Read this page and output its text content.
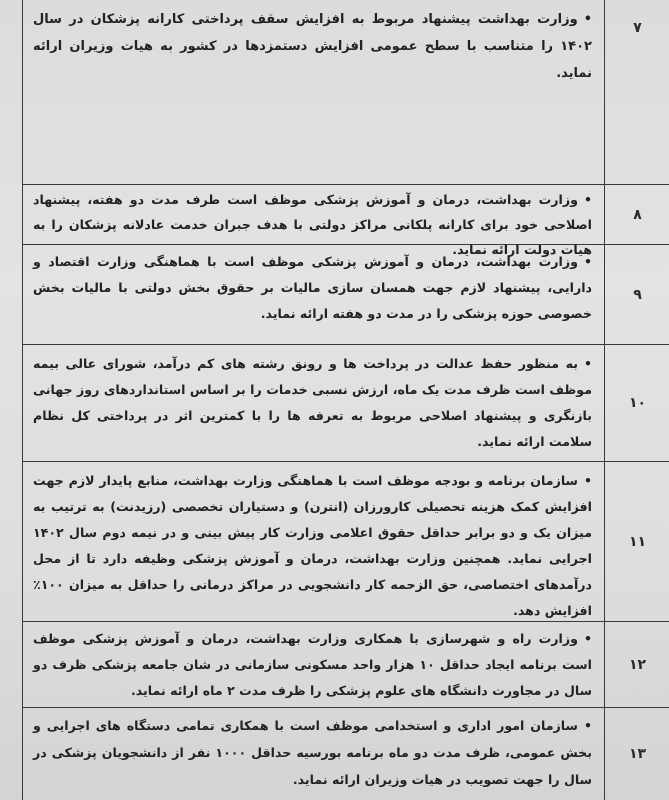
•وزارت بهداشت پیشنهاد مربوط به افزایش سقف پرداختی کارانه پزشکان در سال ۱۴۰۲ را متناسب با سطح عمومی افزایش دستمزدها در کشور به هیات وزیران ارائه نماید.
۷
•وزارت بهداشت، درمان و آموزش پزشکی موظف است طرف مدت دو هفته، پیشنهاد اصلاحی خود برای کارانه پلکانی مراکز دولتی با هدف جبران خدمت عادلانه پزشکان را به هیات دولت ارائه نماید.
۸
•وزارت بهداشت، درمان و آموزش پزشکی موظف است با هماهنگی وزارت اقتصاد و دارایی، پیشنهاد لازم جهت همسان سازی مالیات بر حقوق بخش دولتی با مالیات بخش خصوصی حوزه پزشکی را در مدت دو هفته ارائه نماید.
۹
•به منظور حفظ عدالت در پرداخت ها و رونق رشته های کم درآمد، شورای عالی بیمه موظف است ظرف مدت یک ماه، ارزش نسبی خدمات را بر اساس استانداردهای روز جهانی بازنگری و پیشنهاد اصلاحی مربوط به تعرفه ها را با کمترین اثر در پرداختی کل نظام سلامت ارائه نماید.
۱۰
•سازمان برنامه و بودجه موظف است با هماهنگی وزارت بهداشت، منابع پایدار لازم جهت افزایش کمک هزینه تحصیلی کارورزان (انترن) و دستیاران تخصصی (رزیدنت) به ترتیب به میزان یک و دو برابر حداقل حقوق اعلامی وزارت کار پیش بینی و در نیمه دوم سال ۱۴۰۲ اجرایی نماید. همچنین وزارت بهداشت، درمان و آموزش پزشکی وظیفه دارد تا از محل درآمدهای اختصاصی، حق الزحمه کار دانشجویی در مراکز درمانی را حداقل به میزان ۱۰۰٪ افزایش دهد.
۱۱
•وزارت راه و شهرسازی با همکاری وزارت بهداشت، درمان و آموزش پزشکی موظف است برنامه ایجاد حداقل ۱۰ هزار واحد مسکونی سازمانی در شان جامعه پزشکی ظرف دو سال در مجاورت دانشگاه های علوم پزشکی را ظرف مدت ۲ ماه ارائه نماید.
۱۲
•سازمان امور اداری و استخدامی موظف است با همکاری تمامی دستگاه های اجرایی و بخش عمومی، ظرف مدت دو ماه برنامه بورسیه حداقل ۱۰۰۰ نفر از دانشجویان پزشکی در سال را جهت تصویب در هیات وزیران ارائه نماید.
۱۳
